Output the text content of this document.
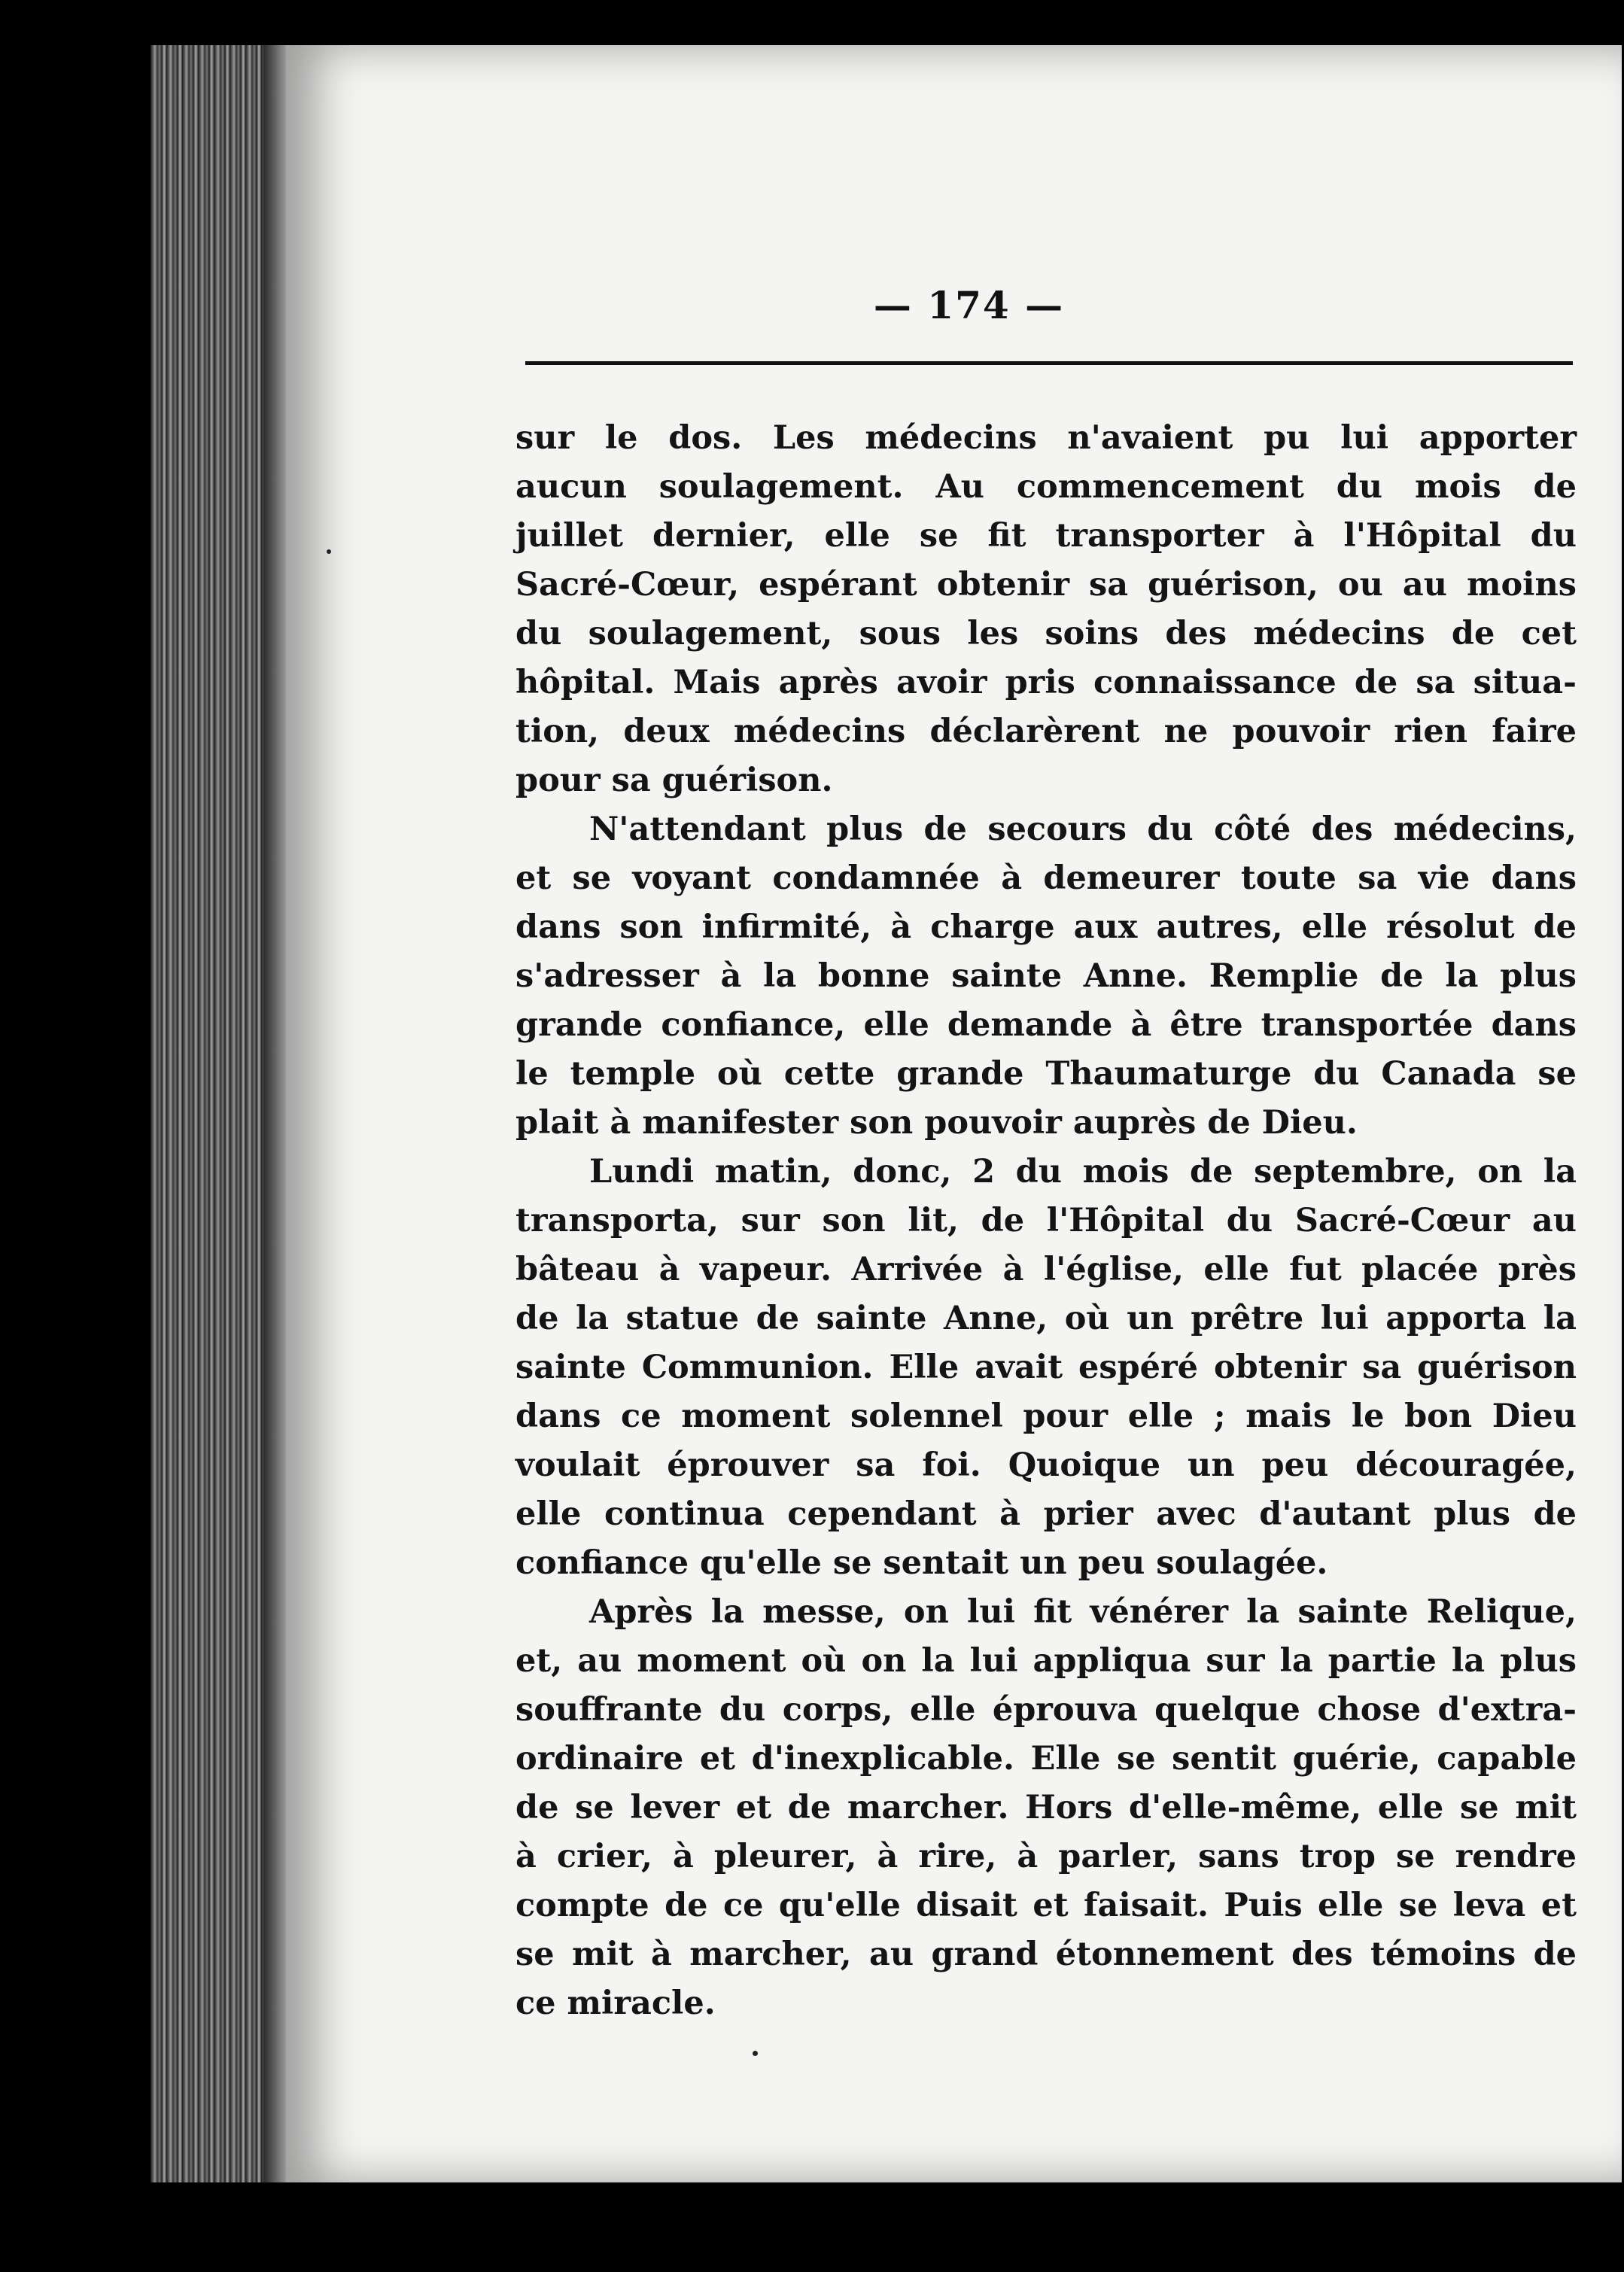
— 174 —
sur le dos. Les médecins n'avaient pu lui apporter
aucun soulagement. Au commencement du mois de
juillet dernier, elle se fit transporter à l'Hôpital du
Sacré-Cœur, espérant obtenir sa guérison, ou au moins
du soulagement, sous les soins des médecins de cet
hôpital. Mais après avoir pris connaissance de sa situa-
tion, deux médecins déclarèrent ne pouvoir rien faire
pour sa guérison.
N'attendant plus de secours du côté des médecins,
et se voyant condamnée à demeurer toute sa vie dans
dans son infirmité, à charge aux autres, elle résolut de
s'adresser à la bonne sainte Anne. Remplie de la plus
grande confiance, elle demande à être transportée dans
le temple où cette grande Thaumaturge du Canada se
plait à manifester son pouvoir auprès de Dieu.
Lundi matin, donc, 2 du mois de septembre, on la
transporta, sur son lit, de l'Hôpital du Sacré-Cœur au
bâteau à vapeur. Arrivée à l'église, elle fut placée près
de la statue de sainte Anne, où un prêtre lui apporta la
sainte Communion. Elle avait espéré obtenir sa guérison
dans ce moment solennel pour elle ; mais le bon Dieu
voulait éprouver sa foi. Quoique un peu découragée,
elle continua cependant à prier avec d'autant plus de
confiance qu'elle se sentait un peu soulagée.
Après la messe, on lui fit vénérer la sainte Relique,
et, au moment où on la lui appliqua sur la partie la plus
souffrante du corps, elle éprouva quelque chose d'extra-
ordinaire et d'inexplicable. Elle se sentit guérie, capable
de se lever et de marcher. Hors d'elle-même, elle se mit
à crier, à pleurer, à rire, à parler, sans trop se rendre
compte de ce qu'elle disait et faisait. Puis elle se leva et
se mit à marcher, au grand étonnement des témoins de
ce miracle.
